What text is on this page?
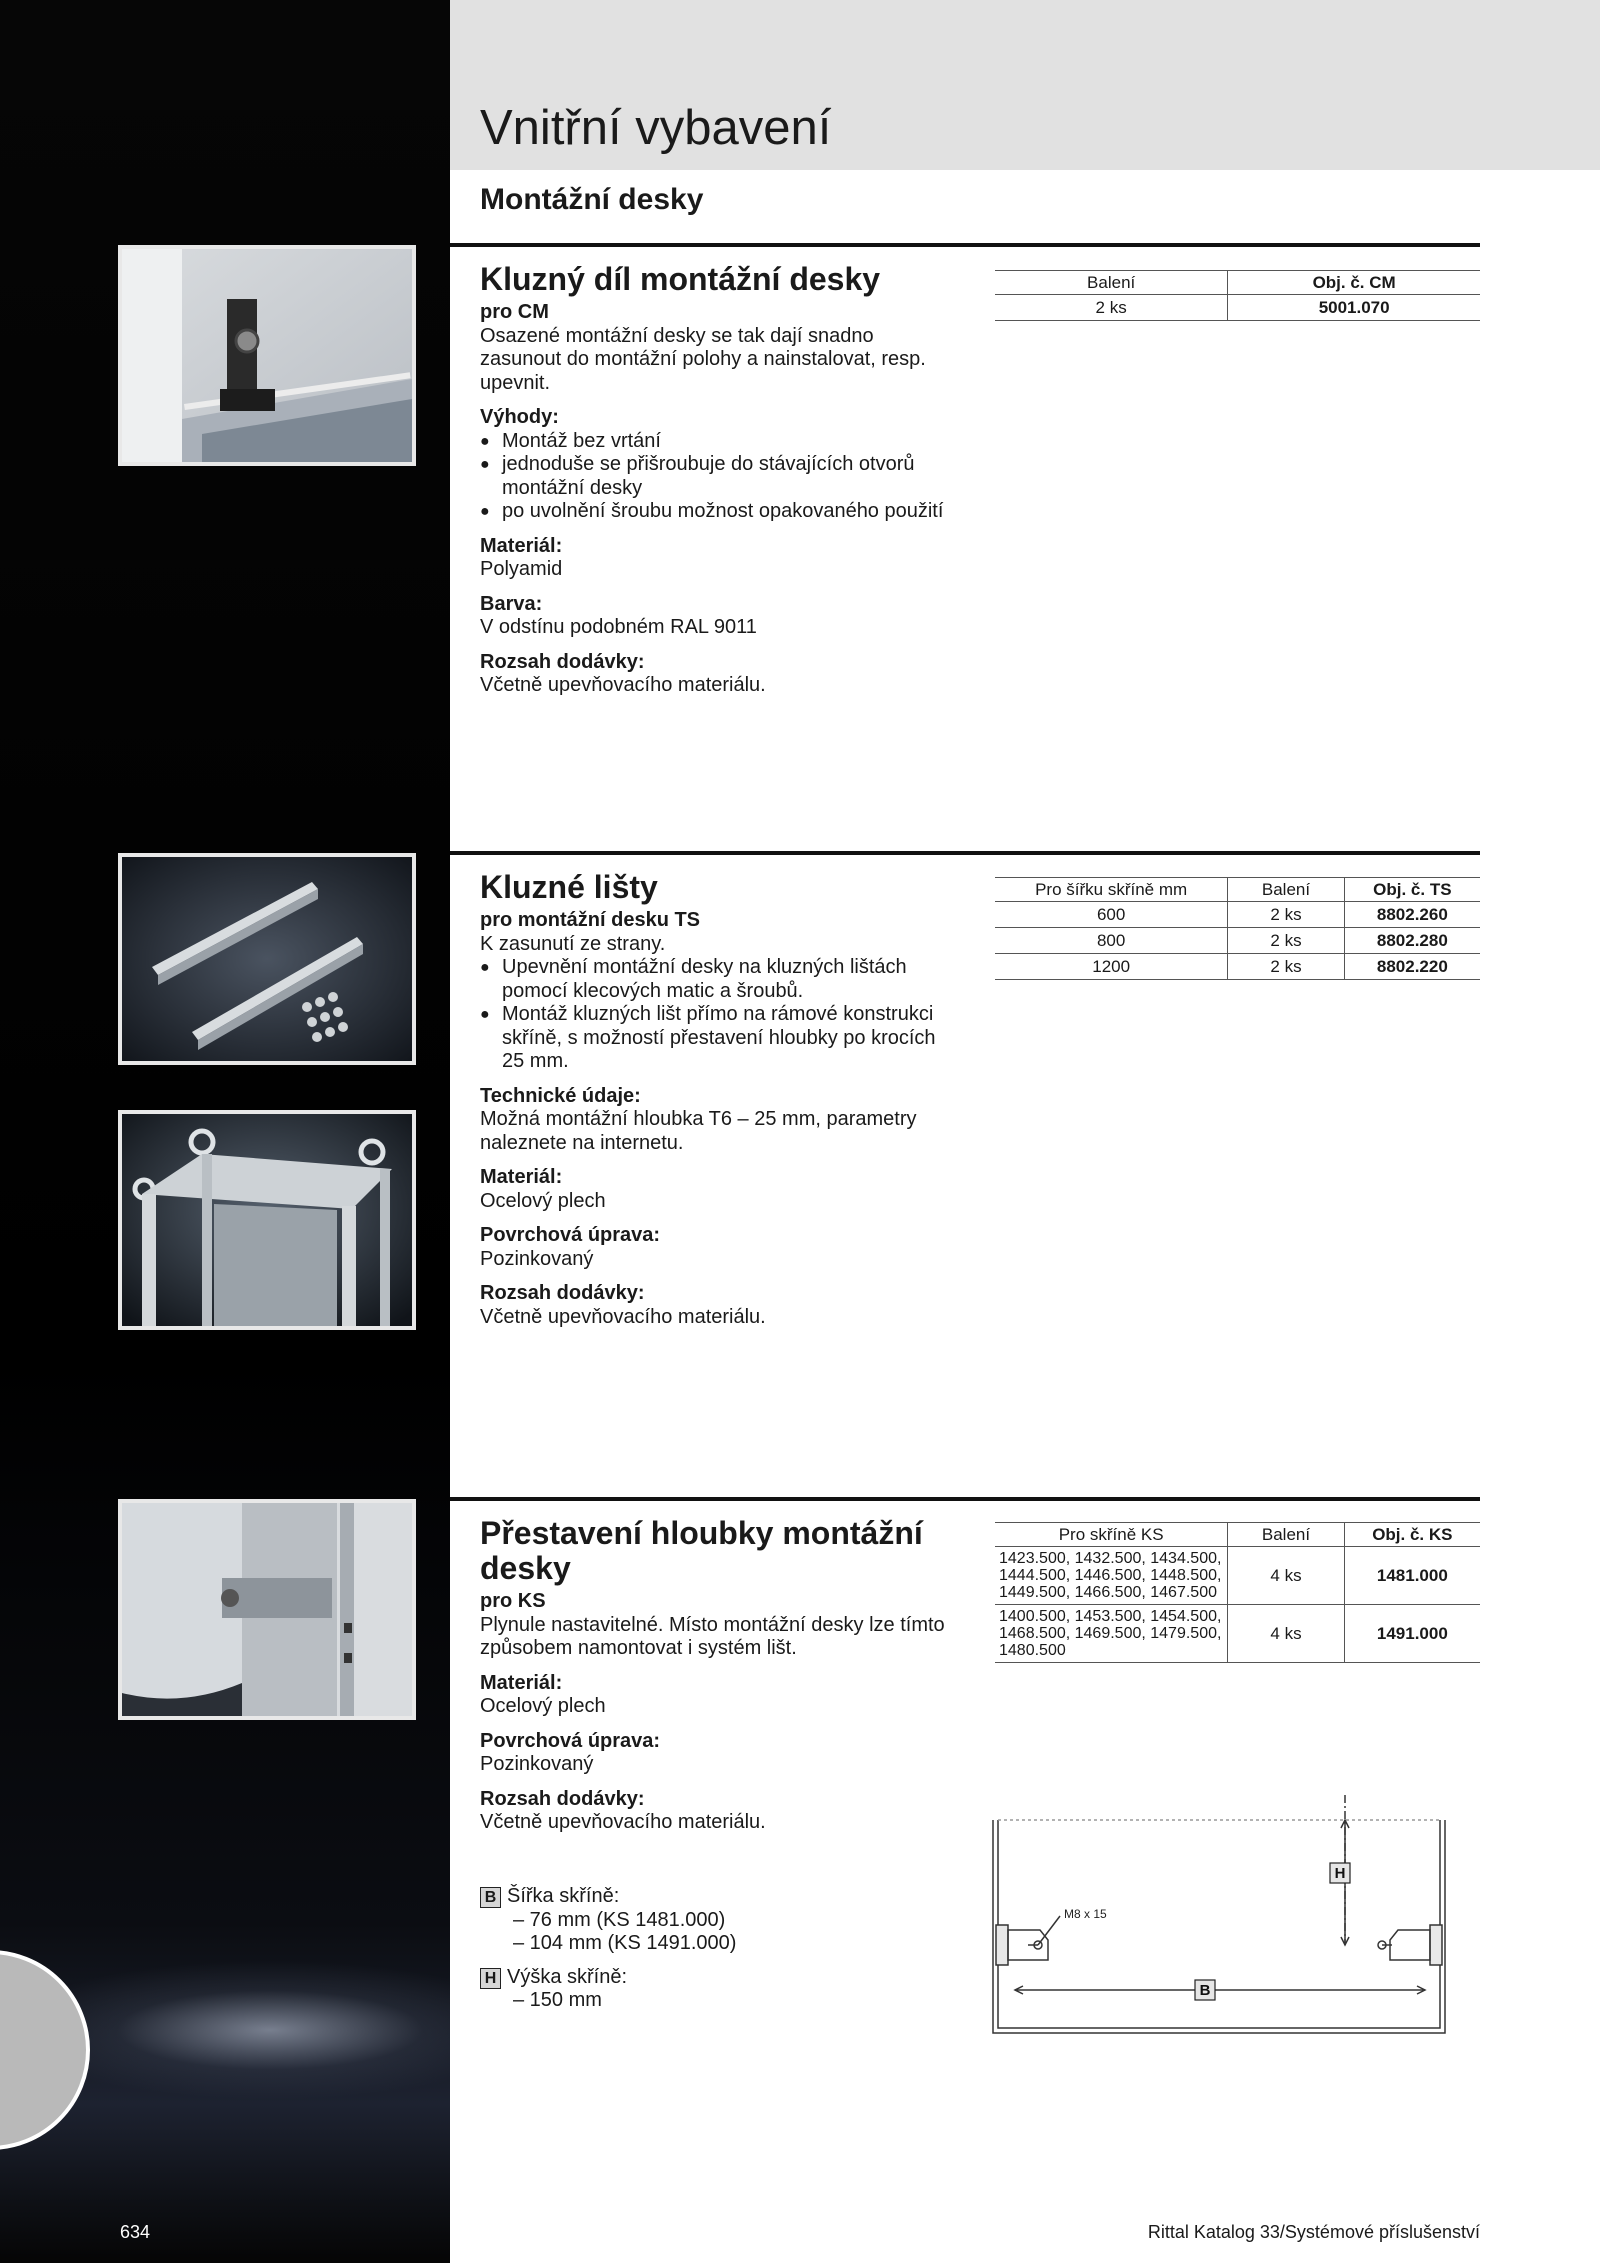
Vnitřní vybavení
Montážní desky
Kluzný díl montážní desky

pro CM

Osazené montážní desky se tak dají snadno zasunout do montážní polohy a nainstalovat, resp. upevnit.

Výhody:

● Montáž bez vrtání
● jednoduše se přišroubuje do stávajících otvorů montážní desky
● po uvolnění šroubu možnost opakovaného použití

Materiál:

Polyamid

Barva:

V odstínu podobném RAL 9011

Rozsah dodávky:

Včetně upevňovacího materiálu.

Balení	Obj. č. CM
2 ks	5001.070
Kluzné lišty

pro montážní desku TS

K zasunutí ze strany.

● Upevnění montážní desky na kluzných lištách pomocí klecových matic a šroubů.
● Montáž kluzných lišt přímo na rámové konstrukci skříně, s možností přestavení hloubky po krocích 25 mm.

Technické údaje:

Možná montážní hloubka T6 – 25 mm, parametry naleznete na internetu.

Materiál:

Ocelový plech

Povrchová úprava:

Pozinkovaný

Rozsah dodávky:

Včetně upevňovacího materiálu.

Pro šířku skříně mm	Balení	Obj. č. TS
600	2 ks	8802.260
800	2 ks	8802.280
1200	2 ks	8802.220
Přestavení hloubky montážní desky

pro KS

Plynule nastavitelné. Místo montážní desky lze tímto způsobem namontovat i systém lišt.

Materiál:

Ocelový plech

Povrchová úprava:

Pozinkovaný

Rozsah dodávky:

Včetně upevňovacího materiálu.

Pro skříně KS	Balení	Obj. č. KS
1423.500, 1432.500, 1434.500, 1444.500, 1446.500, 1448.500, 1449.500, 1466.500, 1467.500	4 ks	1481.000
1400.500, 1453.500, 1454.500, 1468.500, 1469.500, 1479.500, 1480.500	4 ks	1491.000
B Šířka skříně:
– 76 mm (KS 1481.000)
– 104 mm (KS 1491.000)
H Výška skříně:
– 150 mm
M8 x 15
H
B
634	Rittal Katalog 33/Systémové příslušenství
